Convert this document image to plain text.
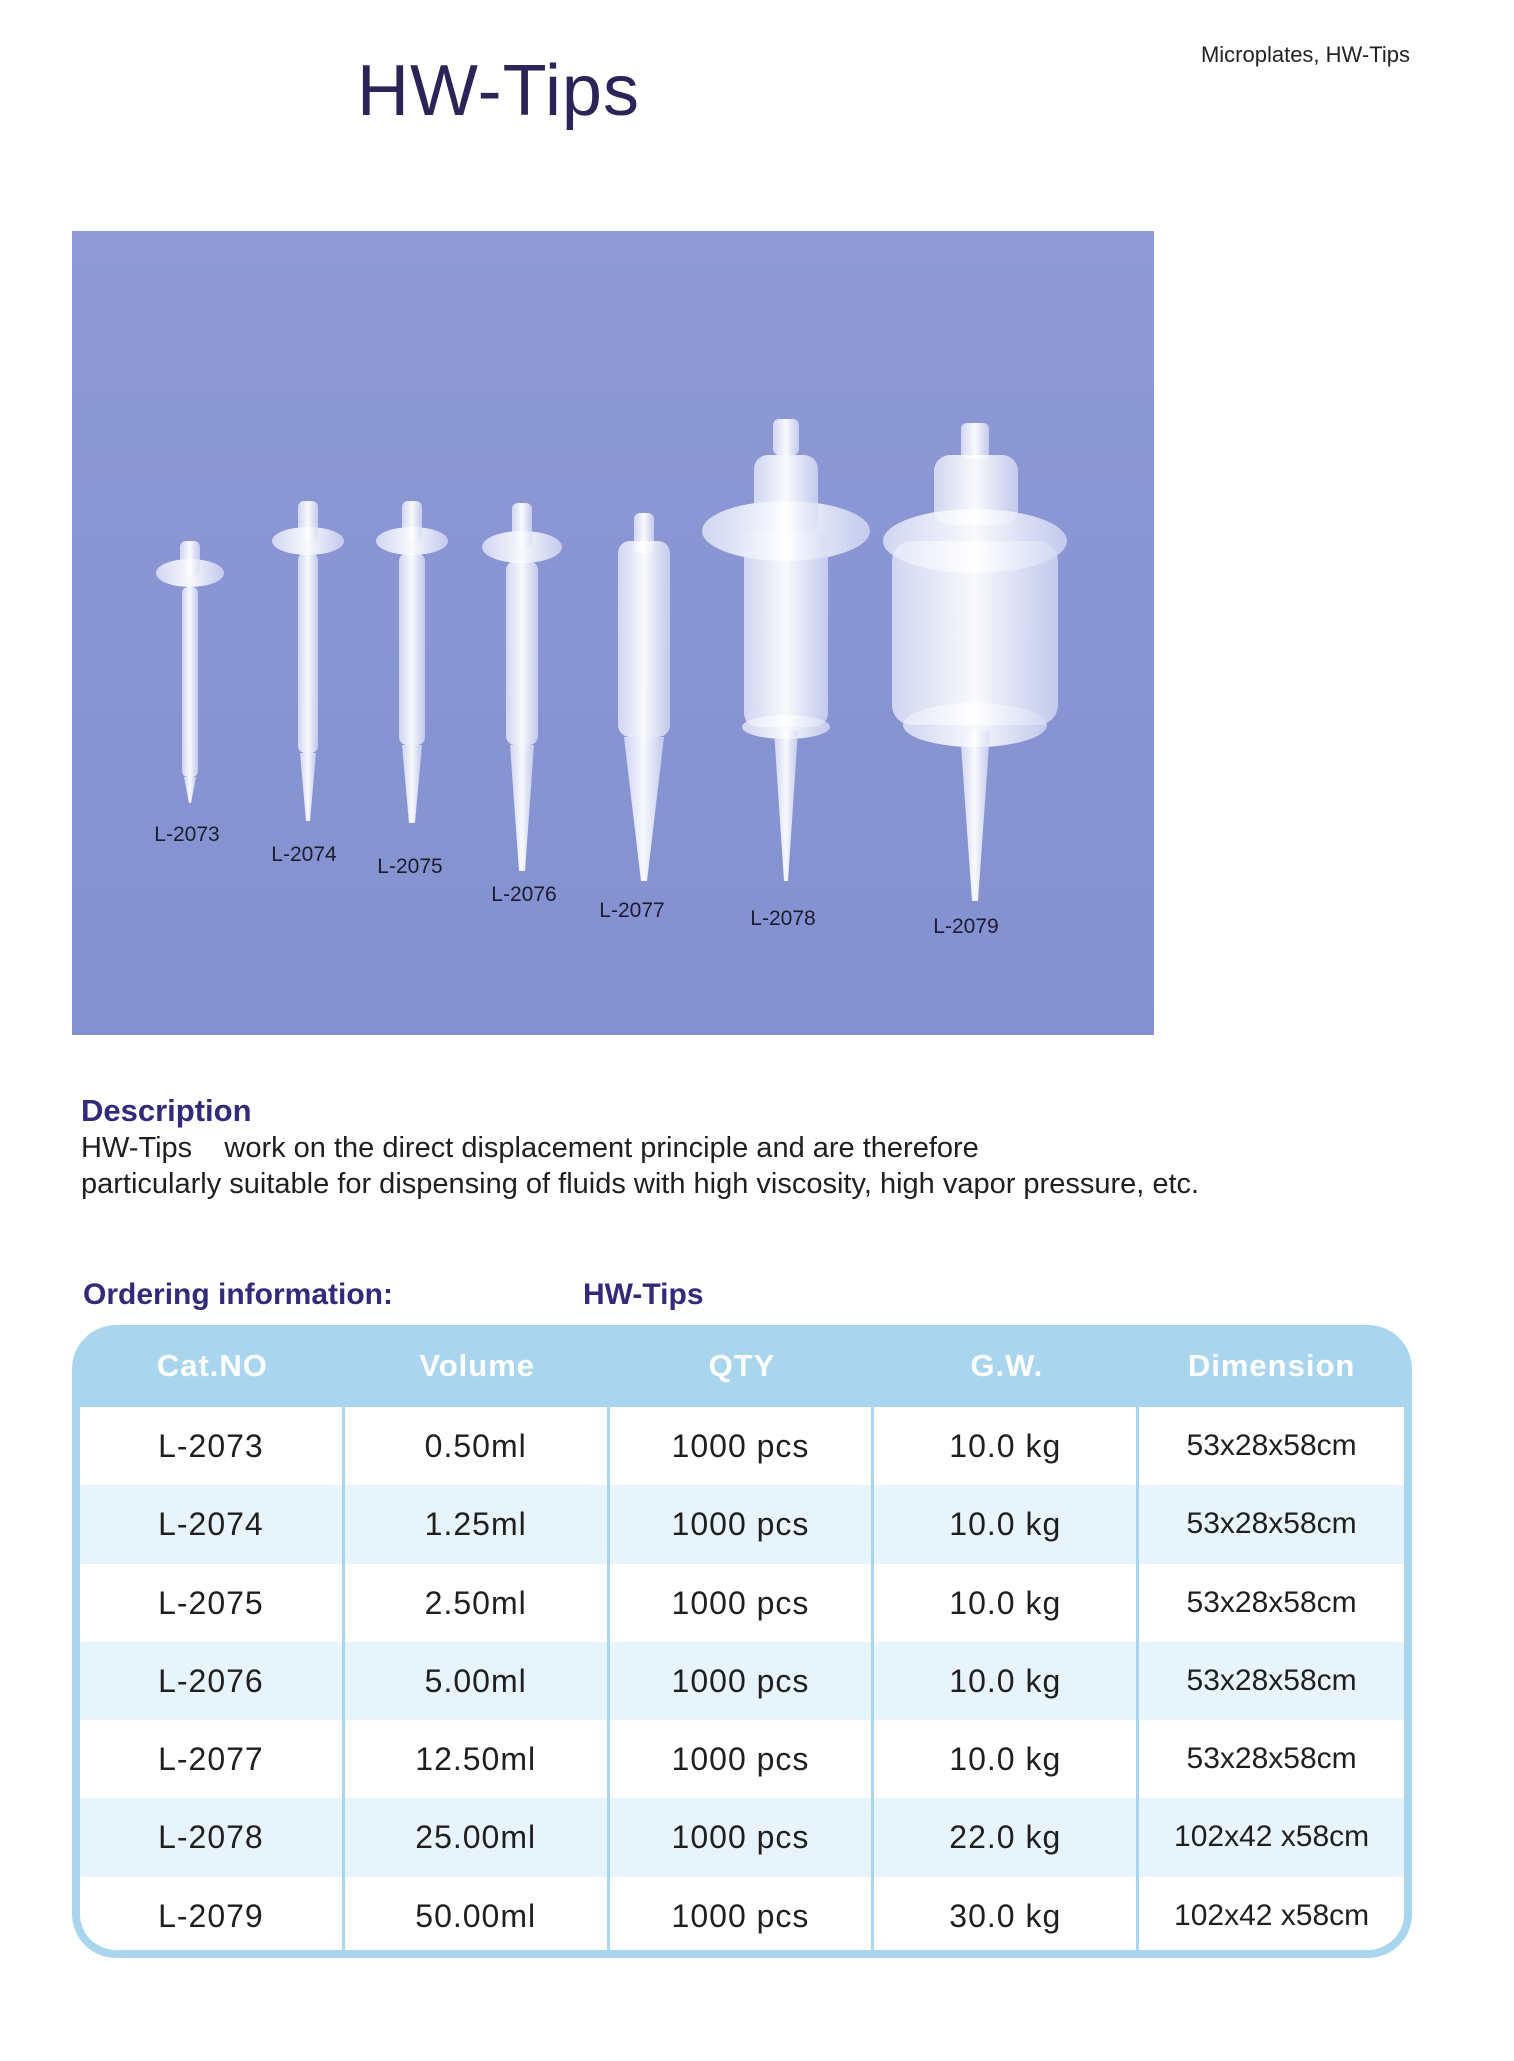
HW-Tips	Microplates, HW-Tips
L-2073
L-2074
L-2075
L-2076
L-2077	L-2078	L-2079
Description

HW-Tips    work on the direct displacement principle and are therefore
particularly suitable for dispensing of fluids with high viscosity, high vapor pressure, etc.

Ordering information:	HW-Tips
Cat.NO	Volume	QTY	G.W.	Dimension
L-2073	0.50ml	1000 pcs	10.0 kg	53x28x58cm
L-2074	1.25ml	1000 pcs	10.0 kg	53x28x58cm
L-2075	2.50ml	1000 pcs	10.0 kg	53x28x58cm
L-2076	5.00ml	1000 pcs	10.0 kg	53x28x58cm
L-2077	12.50ml	1000 pcs	10.0 kg	53x28x58cm
L-2078	25.00ml	1000 pcs	22.0 kg	102x42 x58cm
L-2079	50.00ml	1000 pcs	30.0 kg	102x42 x58cm
